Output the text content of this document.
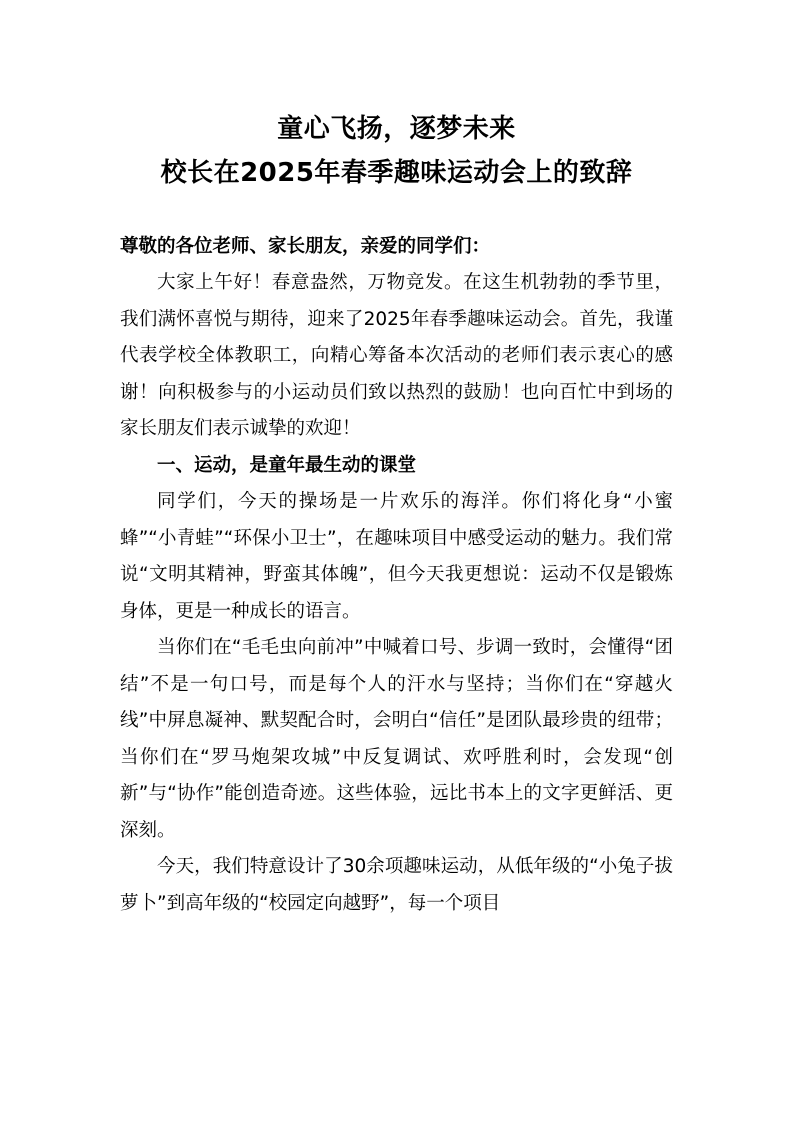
童心飞扬，逐梦未来
校长在2025年春季趣味运动会上的致辞
尊敬的各位老师、家长朋友，亲爱的同学们：

大家上午好！春意盎然，万物竞发。在这生机勃勃的季节里，我们满怀喜悦与期待，迎来了2025年春季趣味运动会。首先，我谨代表学校全体教职工，向精心筹备本次活动的老师们表示衷心的感谢！向积极参与的小运动员们致以热烈的鼓励！也向百忙中到场的家长朋友们表示诚挚的欢迎！

一、运动，是童年最生动的课堂

同学们，今天的操场是一片欢乐的海洋。你们将化身“小蜜蜂”“小青蛙”“环保小卫士”，在趣味项目中感受运动的魅力。我们常说“文明其精神，野蛮其体魄”，但今天我更想说：运动不仅是锻炼身体，更是一种成长的语言。

当你们在“毛毛虫向前冲”中喊着口号、步调一致时，会懂得“团结”不是一句口号，而是每个人的汗水与坚持；当你们在“穿越火线”中屏息凝神、默契配合时，会明白“信任”是团队最珍贵的纽带；当你们在“罗马炮架攻城”中反复调试、欢呼胜利时，会发现“创新”与“协作”能创造奇迹。这些体验，远比书本上的文字更鲜活、更深刻。

今天，我们特意设计了30余项趣味运动，从低年级的“小兔子拔萝卜”到高年级的“校园定向越野”，每一个项目
